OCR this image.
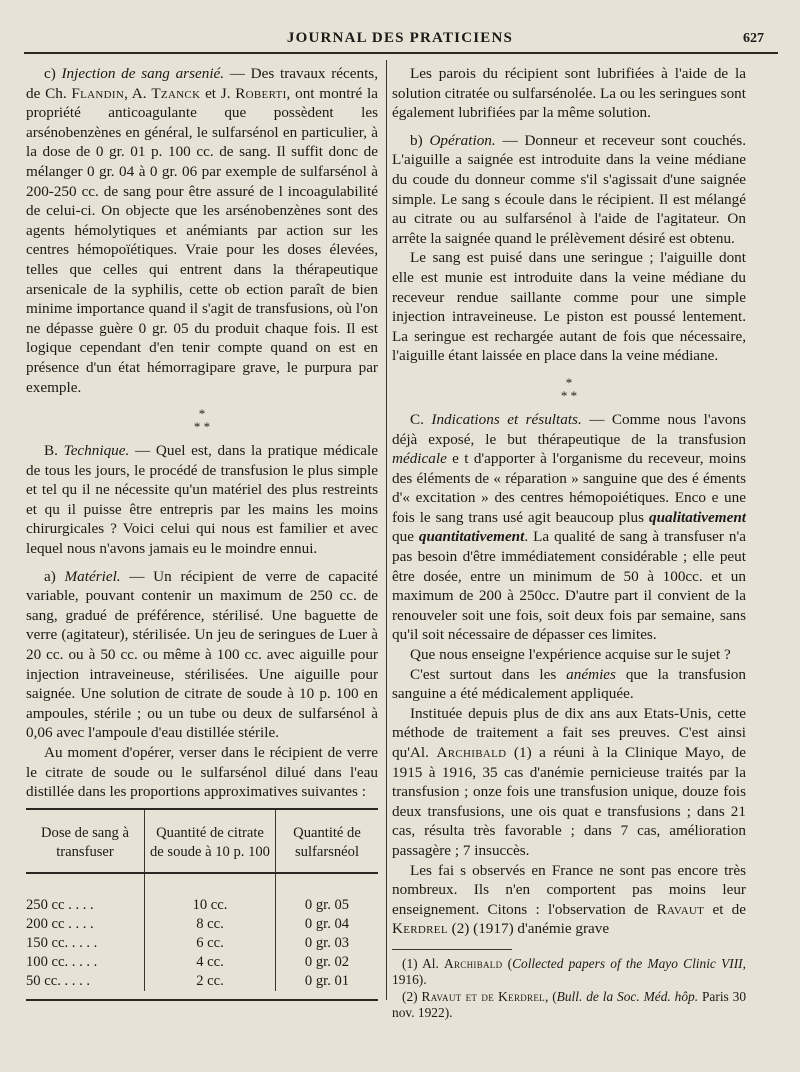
JOURNAL DES PRATICIENS	627

c) Injection de sang arsenié. — Des travaux récents, de Ch. Flandin, A. Tzanck et J. Roberti, ont montré la propriété anticoagulante que possèdent les arsénobenzènes en général, le sulfarsénol en particulier, à la dose de 0 gr. 01 p. 100 cc. de sang. Il suffit donc de mélanger 0 gr. 04 à 0 gr. 06 par exemple de sulfarsénol à 200-250 cc. de sang pour être assuré de l incoagulabilité de celui-ci. On objecte que les arsénobenzènes sont des agents hémolytiques et anémiants par action sur les centres hémopoïétiques. Vraie pour les doses élevées, telles que celles qui entrent dans la thérapeutique arsenicale de la syphilis, cette ob ection paraît de bien minime importance quand il s'agit de transfusions, où l'on ne dépasse guère 0 gr. 05 du produit chaque fois. Il est logique cependant d'en tenir compte quand on est en présence d'un état hémorragipare grave, le purpura par exemple.

*
* *

B. Technique. — Quel est, dans la pratique médicale de tous les jours, le procédé de transfusion le plus simple et tel qu il ne nécessite qu'un matériel des plus restreints et qu il puisse être entrepris par les mains les moins chirurgicales ? Voici celui qui nous est familier et avec lequel nous n'avons jamais eu le moindre ennui.

a) Matériel. — Un récipient de verre de capacité variable, pouvant contenir un maximum de 250 cc. de sang, gradué de préférence, stérilisé. Une baguette de verre (agitateur), stérilisée. Un jeu de seringues de Luer à 20 cc. ou à 50 cc. ou même à 100 cc. avec aiguille pour injection intraveineuse, stérilisées. Une aiguille pour saignée. Une solution de citrate de soude à 10 p. 100 en ampoules, stérile ; ou un tube ou deux de sulfarsénol à 0,06 avec l'ampoule d'eau distillée stérile.

Au moment d'opérer, verser dans le récipient de verre le citrate de soude ou le sulfarsénol dilué dans l'eau distillée dans les proportions approximatives suivantes :

Dose de sang à transfuser	Quantité de citrate de soude à 10 p. 100	Quantité de sulfarsnéol
250 cc . . . .	10 cc.	0 gr. 05
200 cc . . . .	8 cc.	0 gr. 04
150 cc. . . . .	6 cc.	0 gr. 03
100 cc. . . . .	4 cc.	0 gr. 02
50 cc. . . . .	2 cc.	0 gr. 01

Les parois du récipient sont lubrifiées à l'aide de la solution citratée ou sulfarsénolée. La ou les seringues sont également lubrifiées par la même solution.

b) Opération. — Donneur et receveur sont couchés. L'aiguille a saignée est introduite dans la veine médiane du coude du donneur comme s'il s'agissait d'une saignée simple. Le sang s écoule dans le récipient. Il est mélangé au citrate ou au sulfarsénol à l'aide de l'agitateur. On arrête la saignée quand le prélèvement désiré est obtenu.

Le sang est puisé dans une seringue ; l'aiguille dont elle est munie est introduite dans la veine médiane du receveur rendue saillante comme pour une simple injection intraveineuse. Le piston est poussé lentement. La seringue est rechargée autant de fois que nécessaire, l'aiguille étant laissée en place dans la veine médiane.

*
* *

C. Indications et résultats. — Comme nous l'avons déjà exposé, le but thérapeutique de la transfusion médicale e t d'apporter à l'organisme du receveur, moins des éléments de « réparation » sanguine que des é éments d'« excitation » des centres hémopoiétiques. Enco e une fois le sang trans usé agit beaucoup plus qualitativement que quantitativement. La qualité de sang à transfuser n'a pas besoin d'être immédiatement considérable ; elle peut être dosée, entre un minimum de 50 à 100cc. et un maximum de 200 à 250cc. D'autre part il convient de la renouveler soit une fois, soit deux fois par semaine, sans qu'il soit nécessaire de dépasser ces limites.

Que nous enseigne l'expérience acquise sur le sujet ?

C'est surtout dans les anémies que la transfusion sanguine a été médicalement appliquée.

Instituée depuis plus de dix ans aux Etats-Unis, cette méthode de traitement a fait ses preuves. C'est ainsi qu'Al. Archibald (1) a réuni à la Clinique Mayo, de 1915 à 1916, 35 cas d'anémie pernicieuse traités par la transfusion ; onze fois une transfusion unique, douze fois deux transfusions, une ois quat e transfusions ; dans 21 cas, résulta très favorable ; dans 7 cas, amélioration passagère ; 7 insuccès.

Les fai s observés en France ne sont pas encore très nombreux. Ils n'en comportent pas moins leur enseignement. Citons : l'observation de Ravaut et de Kerdrel (2) (1917) d'anémie grave

(1) Al. Archibald (Collected papers of the Mayo Clinic VIII, 1916).

(2) Ravaut et de Kerdrel, (Bull. de la Soc. Méd. hôp. Paris 30 nov. 1922).
